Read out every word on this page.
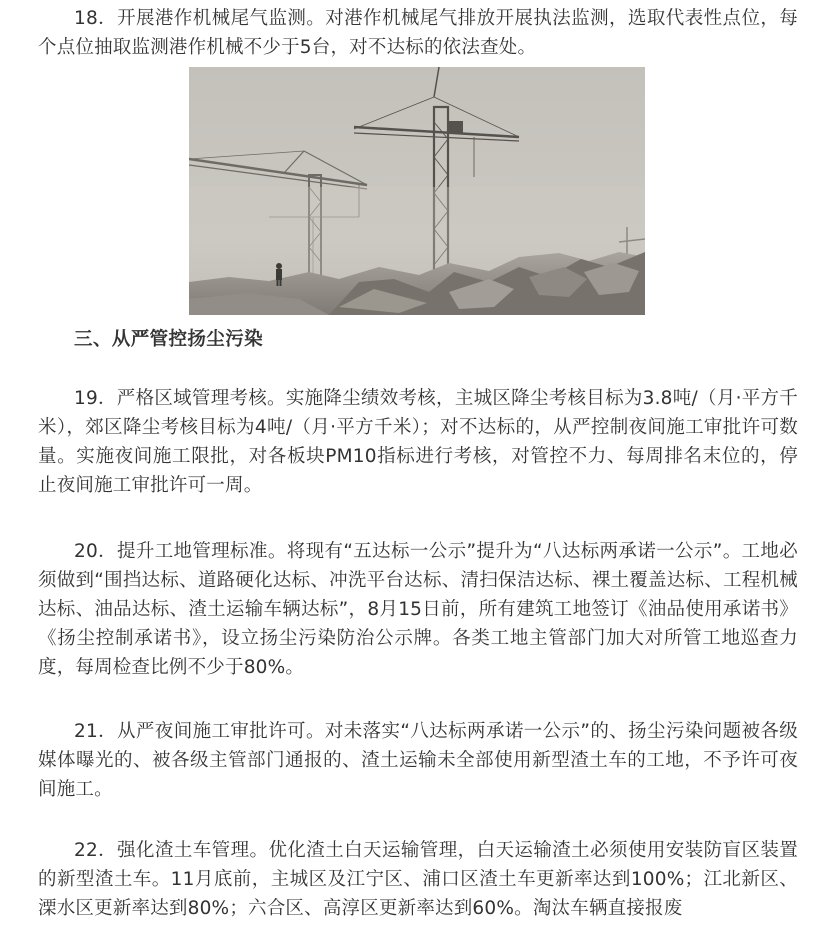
18．开展港作机械尾气监测。对港作机械尾气排放开展执法监测，选取代表性点位，每个点位抽取监测港作机械不少于5台，对不达标的依法查处。

三、从严管控扬尘污染

19．严格区域管理考核。实施降尘绩效考核，主城区降尘考核目标为3.8吨/（月·平方千米），郊区降尘考核目标为4吨/（月·平方千米）；对不达标的，从严控制夜间施工审批许可数量。实施夜间施工限批，对各板块PM10指标进行考核，对管控不力、每周排名末位的，停止夜间施工审批许可一周。

20．提升工地管理标准。将现有“五达标一公示”提升为“八达标两承诺一公示”。工地必须做到“围挡达标、道路硬化达标、冲洗平台达标、清扫保洁达标、裸土覆盖达标、工程机械达标、油品达标、渣土运输车辆达标”，8月15日前，所有建筑工地签订《油品使用承诺书》《扬尘控制承诺书》，设立扬尘污染防治公示牌。各类工地主管部门加大对所管工地巡查力度，每周检查比例不少于80%。

21．从严夜间施工审批许可。对未落实“八达标两承诺一公示”的、扬尘污染问题被各级媒体曝光的、被各级主管部门通报的、渣土运输未全部使用新型渣土车的工地，不予许可夜间施工。

22．强化渣土车管理。优化渣土白天运输管理，白天运输渣土必须使用安装防盲区装置的新型渣土车。11月底前，主城区及江宁区、浦口区渣土车更新率达到100%；江北新区、溧水区更新率达到80%；六合区、高淳区更新率达到60%。淘汰车辆直接报废
